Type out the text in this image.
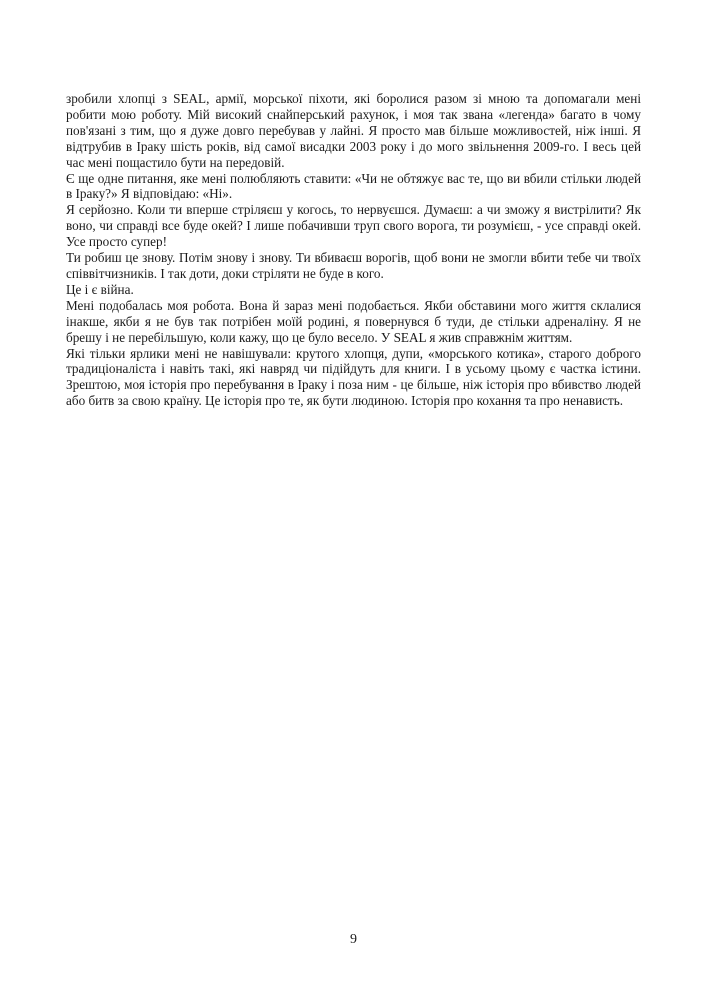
зробили хлопці з SEAL, армії, морської піхоти, які боролися разом зі мною та допомагали мені робити мою роботу. Мій високий снайперський рахунок, і моя так звана «легенда» багато в чому пов'язані з тим, що я дуже довго перебував у лайні. Я просто мав більше можливостей, ніж інші. Я відтрубив в Іраку шість років, від самої висадки 2003 року і до мого звільнення 2009-го. І весь цей час мені пощастило бути на передовій.

Є ще одне питання, яке мені полюбляють ставити: «Чи не обтяжує вас те, що ви вбили стільки людей в Іраку?» Я відповідаю: «Ні».

Я серйозно. Коли ти вперше стріляєш у когось, то нервуєшся. Думаєш: а чи зможу я вистрілити? Як воно, чи справді все буде окей? І лише побачивши труп свого ворога, ти розумієш, - усе справді окей. Усе просто супер!

Ти робиш це знову. Потім знову і знову. Ти вбиваєш ворогів, щоб вони не змогли вбити тебе чи твоїх співвітчизників. І так доти, доки стріляти не буде в кого.

Це і є війна.

Мені подобалась моя робота. Вона й зараз мені подобається. Якби обставини мого життя склалися інакше, якби я не був так потрібен моїй родині, я повернувся б туди, де стільки адреналіну. Я не брешу і не перебільшую, коли кажу, що це було весело. У SEAL я жив справжнім життям.

Які тільки ярлики мені не навішували: крутого хлопця, дупи, «морського котика», старого доброго традиціоналіста і навіть такі, які навряд чи підійдуть для книги. І в усьому цьому є частка істини. Зрештою, моя історія про перебування в Іраку і поза ним - це більше, ніж історія про вбивство людей або битв за свою країну. Це історія про те, як бути людиною. Історія про кохання та про ненависть.

9
